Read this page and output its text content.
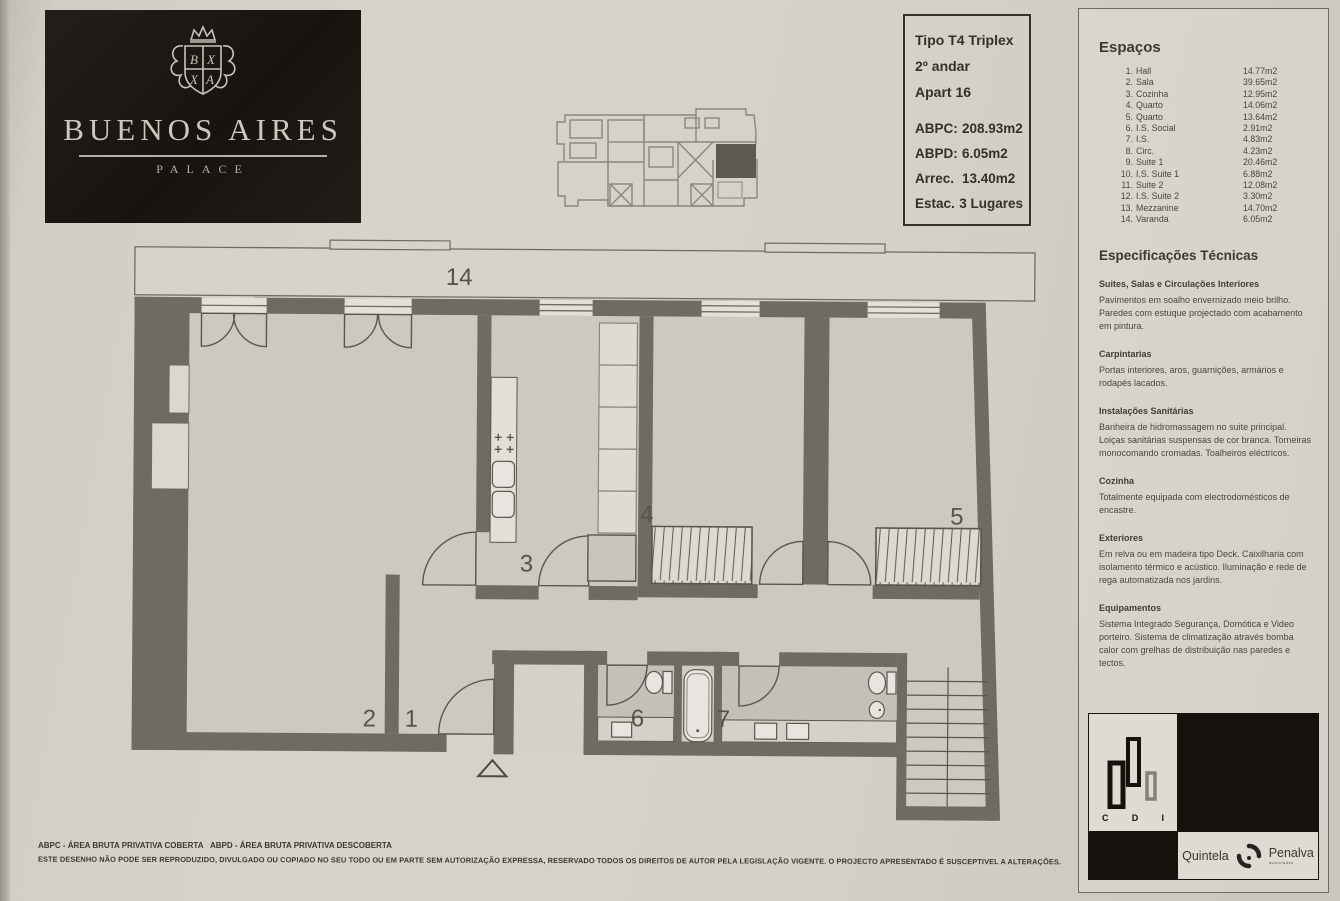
B X
X A
BUENOS AIRES
PALACE
Tipo T4 Triplex
2º andar
Apart 16
ABPC: 208.93m2
ABPD: 6.05m2
Arrec. 13.40m2
Estac. 3 Lugares
Espaços
1. Hall	14.77m2
2. Sala	39.65m2
3. Cozinha	12.95m2
4. Quarto	14.06m2
5. Quarto	13.64m2
6. I.S. Social	2.91m2
7. I.S.	4.83m2
8. Circ.	4.23m2
9. Suite 1	20.46m2
10. I.S. Suite 1	6.88m2
11. Suite 2	12.08m2
12. I.S. Suite 2	3.30m2
13. Mezzanine	14.70m2
14. Varanda	6.05m2
Especificações Técnicas
Suites, Salas e Circulações Interiores

Pavimentos em soalho envernizado meio brilho. Paredes com estuque projectado com acabamento em pintura.

Carpintarias

Portas interiores, aros, guarnições, armários e rodapés lacados.

Instalações Sanitárias

Banheira de hidromassagem no suite principal. Loiças sanitárias suspensas de cor branca. Torneiras monocomando cromadas. Toalheiros eléctricos.

Cozinha

Totalmente equipada com electrodomésticos de encastre.

Exteriores

Em relva ou em madeira tipo Deck. Caixilharia com isolamento térmico e acústico. Iluminação e rede de rega automatizada nos jardins.

Equipamentos

Sistema Integrado Segurança, Domótica e Video porteiro. Sistema de climatização através bomba calor com grelhas de distribuição nas paredes e tectos.

C	D	I
Quintela	Penalva
associados
14
2 1
3
4	5
6	7
ABPC - ÁREA BRUTA PRIVATIVA COBERTA ABPD - ÁREA BRUTA PRIVATIVA DESCOBERTA
ESTE DESENHO NÃO PODE SER REPRODUZIDO, DIVULGADO OU COPIADO NO SEU TODO OU EM PARTE SEM AUTORIZAÇÃO EXPRESSA, RESERVADO TODOS OS DIREITOS DE AUTOR PELA LEGISLAÇÃO VIGENTE. O PROJECTO APRESENTADO É SUSCEPTIVEL A ALTERAÇÕES.
